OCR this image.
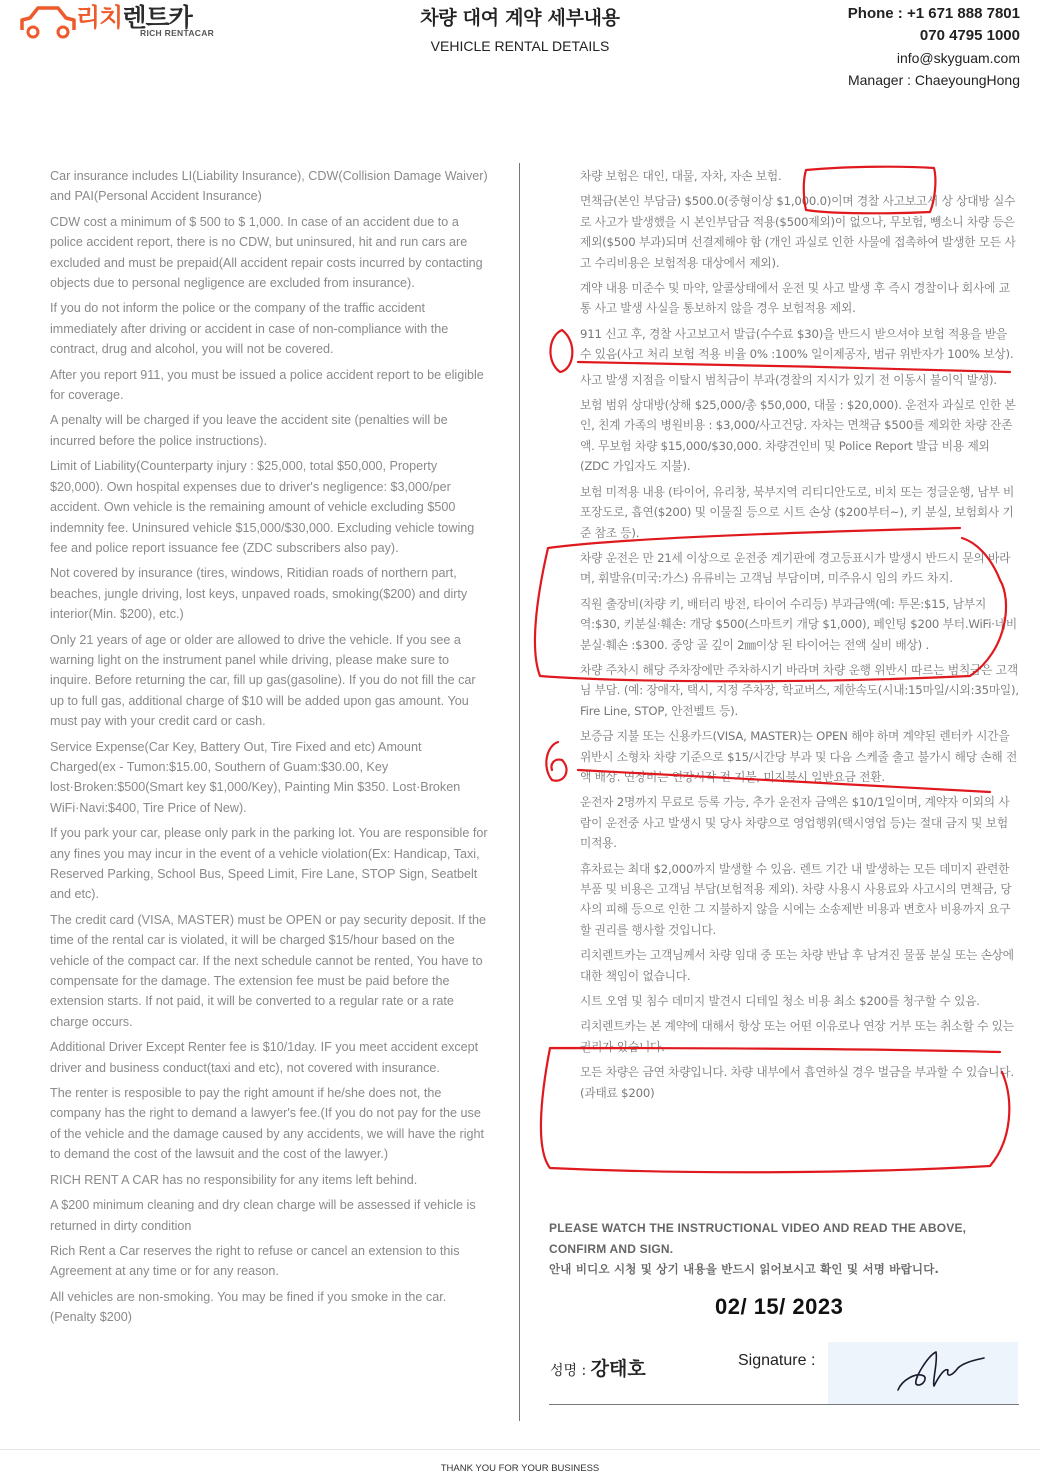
리치렌트카
RICH RENTACAR
차량 대여 계약 세부내용
VEHICLE RENTAL DETAILS
Phone : +1 671 888 7801
070 4795 1000
info@skyguam.com
Manager : ChaeyoungHong

Car insurance includes LI(Liability Insurance), CDW(Collision Damage Waiver) and PAI(Personal Accident Insurance)

CDW cost a minimum of $ 500 to $ 1,000. In case of an accident due to a police accident report, there is no CDW, but uninsured, hit and run cars are excluded and must be prepaid(All accident repair costs incurred by contacting objects due to personal negligence are excluded from insurance).

If you do not inform the police or the company of the traffic accident immediately after driving or accident in case of non-compliance with the contract, drug and alcohol, you will not be covered.

After you report 911, you must be issued a police accident report to be eligible for coverage.

A penalty will be charged if you leave the accident site (penalties will be incurred before the police instructions).

Limit of Liability(Counterparty injury : $25,000, total $50,000, Property $20,000). Own hospital expenses due to driver's negligence: $3,000/per accident. Own vehicle is the remaining amount of vehicle excluding $500 indemnity fee. Uninsured vehicle $15,000/$30,000. Excluding vehicle towing fee and police report issuance fee (ZDC subscribers also pay).

Not covered by insurance (tires, windows, Ritidian roads of northern part, beaches, jungle driving, lost keys, unpaved roads, smoking($200) and dirty interior(Min. $200), etc.)

Only 21 years of age or older are allowed to drive the vehicle. If you see a warning light on the instrument panel while driving, please make sure to inquire. Before returning the car, fill up gas(gasoline). If you do not fill the car up to full gas, additional charge of $10 will be added upon gas amount. You must pay with your credit card or cash.

Service Expense(Car Key, Battery Out, Tire Fixed and etc) Amount Charged(ex - Tumon:$15.00, Southern of Guam:$30.00, Key lost·Broken:$500(Smart key $1,000/Key), Painting Min $350. Lost·Broken WiFi·Navi:$400, Tire Price of New).

If you park your car, please only park in the parking lot. You are responsible for any fines you may incur in the event of a vehicle violation(Ex: Handicap, Taxi, Reserved Parking, School Bus, Speed Limit, Fire Lane, STOP Sign, Seatbelt and etc).

The credit card (VISA, MASTER) must be OPEN or pay security deposit. If the time of the rental car is violated, it will be charged $15/hour based on the vehicle of the compact car. If the next schedule cannot be rented, You have to compensate for the damage. The extension fee must be paid before the extension starts. If not paid, it will be converted to a regular rate or a rate charge occurs.

Additional Driver Except Renter fee is $10/1day. IF you meet accident except driver and business conduct(taxi and etc), not covered with insurance.

The renter is resposible to pay the right amount if he/she does not, the company has the right to demand a lawyer's fee.(If you do not pay for the use of the vehicle and the damage caused by any accidents, we will have the right to demand the cost of the lawsuit and the cost of the lawyer.)

RICH RENT A CAR has no responsibility for any items left behind.

A $200 minimum cleaning and dry clean charge will be assessed if vehicle is returned in dirty condition

Rich Rent a Car reserves the right to refuse or cancel an extension to this Agreement at any time or for any reason.

All vehicles are non-smoking. You may be fined if you smoke in the car. (Penalty $200)

차량 보험은 대인, 대물, 자차, 자손 보험.

면책금(본인 부담금) $500.0(중형이상 $1,000.0)이며 경찰 사고보고서 상 상대방 실수로 사고가 발생했을 시 본인부담금 적용($500제외)이 없으나, 무보험, 뺑소니 차량 등은 제외($500 부과)되며 선결제해야 함 (개인 과실로 인한 사물에 접촉하여 발생한 모든 사고 수리비용은 보험적용 대상에서 제외).

계약 내용 미준수 및 마약, 알콜상태에서 운전 및 사고 발생 후 즉시 경찰이나 회사에 교통 사고 발생 사실을 통보하지 않을 경우 보험적용 제외.

911 신고 후, 경찰 사고보고서 발급(수수료 $30)을 반드시 받으셔야 보험 적용을 받을 수 있음(사고 처리 보험 적용 비율 0% :100% 일이제공자, 범규 위반자가 100% 보상).

사고 발생 지점을 이탈시 범칙금이 부과(경찰의 지시가 있기 전 이동시 불이익 발생).

보험 범위 상대방(상해 $25,000/총 $50,000, 대물 : $20,000). 운전자 과실로 인한 본인, 친계 가족의 병원비용 : $3,000/사고건당. 자차는 면책금 $500를 제외한 차량 잔존액. 무보험 차량 $15,000/$30,000. 차량견인비 및 Police Report 발급 비용 제외 (ZDC 가입자도 지불).

보험 미적용 내용 (타이어, 유리창, 북부지역 리티디안도로, 비치 또는 정글운행, 남부 비포장도로, 흡연($200) 및 이물질 등으로 시트 손상 ($200부터~), 키 분실, 보험회사 기준 참조 등).

차량 운전은 만 21세 이상으로 운전중 계기판에 경고등표시가 발생시 반드시 문의 바라며, 휘발유(미국:가스) 유류비는 고객님 부담이며, 미주유시 임의 카드 차지.

직원 출장비(차량 키, 배터리 방전, 타이어 수리등) 부과금액(예: 투몬:$15, 남부지역:$30, 키분실·훼손: 개당 $500(스마트키 개당 $1,000), 페인팅 $200 부터.WiFi·네비 분실·훼손 :$300. 중앙 골 깊이 2㎜이상 된 타이어는 전액 실비 배상) .

차량 주차시 해당 주차장에만 주차하시기 바라며 차량 운행 위반시 따르는 범칙금은 고객님 부담. (예: 장애자, 택시, 지정 주차장, 학교버스, 제한속도(시내:15마일/시외:35마일), Fire Line, STOP, 안전벨트 등).

보증금 지불 또는 신용카드(VISA, MASTER)는 OPEN 해야 하며 계약된 렌터카 시간을 위반시 소형차 차량 기준으로 $15/시간당 부과 및 다음 스케줄 출고 불가시 해당 손해 전액 배상. 연장비는 연장시작 전 지불, 미지불시 일반요금 전환.

운전자 2명까지 무료로 등록 가능, 추가 운전자 금액은 $10/1일이며, 계약자 이외의 사람이 운전중 사고 발생시 및 당사 차량으로 영업행위(택시영업 등)는 절대 금지 및 보험 미적용.

휴차료는 최대 $2,000까지 발생할 수 있음. 렌트 기간 내 발생하는 모든 데미지 관련한 부품 및 비용은 고객님 부담(보험적용 제외). 차량 사용시 사용료와 사고시의 면책금, 당사의 피해 등으로 인한 그 지불하지 않을 시에는 소송제반 비용과 변호사 비용까지 요구할 권리를 행사할 것입니다.

리치렌트카는 고객님께서 차량 임대 중 또는 차량 반납 후 남겨진 물품 분실 또는 손상에 대한 책임이 없습니다.

시트 오염 및 침수 데미지 발견시 디테일 청소 비용 최소 $200를 청구할 수 있음.

리치렌트카는 본 계약에 대해서 항상 또는 어떤 이유로나 연장 거부 또는 취소할 수 있는 권리가 있습니다.

모든 차량은 금연 차량입니다. 차량 내부에서 흡연하실 경우 벌금을 부과할 수 있습니다. (과태료 $200)

PLEASE WATCH THE INSTRUCTIONAL VIDEO AND READ THE ABOVE, CONFIRM AND SIGN.
안내 비디오 시청 및 상기 내용을 반드시 읽어보시고 확인 및 서명 바랍니다.
02/ 15/ 2023
성명 : 강태호	Signature :
THANK YOU FOR YOUR BUSINESS
